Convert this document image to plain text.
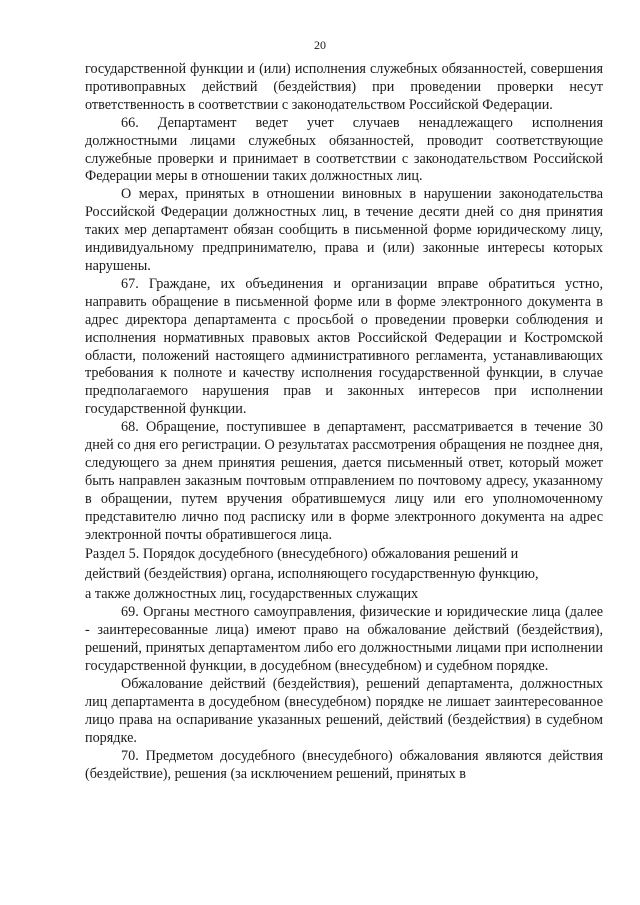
20

государственной функции и (или) исполнения служебных обязанностей, совершения противоправных действий (бездействия) при проведении проверки несут ответственность в соответствии с законодательством Российской Федерации.

66. Департамент ведет учет случаев ненадлежащего исполнения должностными лицами служебных обязанностей, проводит соответствующие служебные проверки и принимает в соответствии с законодательством Российской Федерации меры в отношении таких должностных лиц.

О мерах, принятых в отношении виновных в нарушении законодательства Российской Федерации должностных лиц, в течение десяти дней со дня принятия таких мер департамент обязан сообщить в письменной форме юридическому лицу, индивидуальному предпринимателю, права и (или) законные интересы которых нарушены.

67. Граждане, их объединения и организации вправе обратиться устно, направить обращение в письменной форме или в форме электронного документа в адрес директора департамента с просьбой о проведении проверки соблюдения и исполнения нормативных правовых актов Российской Федерации и Костромской области, положений настоящего административного регламента, устанавливающих требования к полноте и качеству исполнения государственной функции, в случае предполагаемого нарушения прав и законных интересов при исполнении государственной функции.

68. Обращение, поступившее в департамент, рассматривается в течение 30 дней со дня его регистрации. О результатах рассмотрения обращения не позднее дня, следующего за днем принятия решения, дается письменный ответ, который может быть направлен заказным почтовым отправлением по почтовому адресу, указанному в обращении, путем вручения обратившемуся лицу или его уполномоченному представителю лично под расписку или в форме электронного документа на адрес электронной почты обратившегося лица.

Раздел 5. Порядок досудебного (внесудебного) обжалования решений и
действий (бездействия) органа, исполняющего государственную функцию,
а также должностных лиц, государственных служащих

69. Органы местного самоуправления, физические и юридические лица (далее - заинтересованные лица) имеют право на обжалование действий (бездействия), решений, принятых департаментом либо его должностными лицами при исполнении государственной функции, в досудебном (внесудебном) и судебном порядке.

Обжалование действий (бездействия), решений департамента, должностных лиц департамента в досудебном (внесудебном) порядке не лишает заинтересованное лицо права на оспаривание указанных решений, действий (бездействия) в судебном порядке.

70. Предметом досудебного (внесудебного) обжалования являются действия (бездействие), решения (за исключением решений, принятых в
